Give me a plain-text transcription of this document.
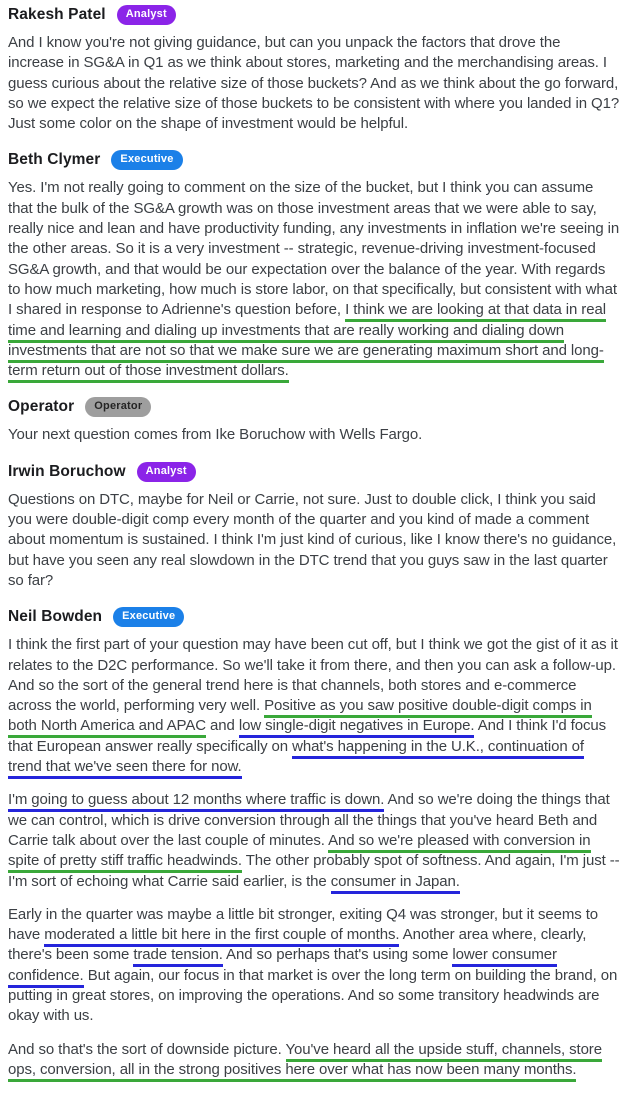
Rakesh Patel	Analyst

And I know you're not giving guidance, but can you unpack the factors that drove the increase in SG&A in Q1 as we think about stores, marketing and the merchandising areas. I guess curious about the relative size of those buckets? And as we think about the go forward, so we expect the relative size of those buckets to be consistent with where you landed in Q1? Just some color on the shape of investment would be helpful.

Beth Clymer	Executive

Yes. I'm not really going to comment on the size of the bucket, but I think you can assume that the bulk of the SG&A growth was on those investment areas that we were able to say, really nice and lean and have productivity funding, any investments in inflation we're seeing in the other areas. So it is a very investment -- strategic, revenue-driving investment-focused SG&A growth, and that would be our expectation over the balance of the year. With regards to how much marketing, how much is store labor, on that specifically, but consistent with what I shared in response to Adrienne's question before, I think we are looking at that data in real time and learning and dialing up investments that are really working and dialing down investments that are not so that we make sure we are generating maximum short and long-term return out of those investment dollars.

Operator	Operator

Your next question comes from Ike Boruchow with Wells Fargo.

Irwin Boruchow	Analyst

Questions on DTC, maybe for Neil or Carrie, not sure. Just to double click, I think you said you were double-digit comp every month of the quarter and you kind of made a comment about momentum is sustained. I think I'm just kind of curious, like I know there's no guidance, but have you seen any real slowdown in the DTC trend that you guys saw in the last quarter so far?

Neil Bowden	Executive

I think the first part of your question may have been cut off, but I think we got the gist of it as it relates to the D2C performance. So we'll take it from there, and then you can ask a follow-up. And so the sort of the general trend here is that channels, both stores and e-commerce across the world, performing very well. Positive as you saw positive double-digit comps in both North America and APAC and low single-digit negatives in Europe. And I think I'd focus that European answer really specifically on what's happening in the U.K., continuation of trend that we've seen there for now.

I'm going to guess about 12 months where traffic is down. And so we're doing the things that we can control, which is drive conversion through all the things that you've heard Beth and Carrie talk about over the last couple of minutes. And so we're pleased with conversion in spite of pretty stiff traffic headwinds. The other probably spot of softness. And again, I'm just -- I'm sort of echoing what Carrie said earlier, is the consumer in Japan.

Early in the quarter was maybe a little bit stronger, exiting Q4 was stronger, but it seems to have moderated a little bit here in the first couple of months. Another area where, clearly, there's been some trade tension. And so perhaps that's using some lower consumer confidence. But again, our focus in that market is over the long term on building the brand, on putting in great stores, on improving the operations. And so some transitory headwinds are okay with us.

And so that's the sort of downside picture. You've heard all the upside stuff, channels, store ops, conversion, all in the strong positives here over what has now been many months.
